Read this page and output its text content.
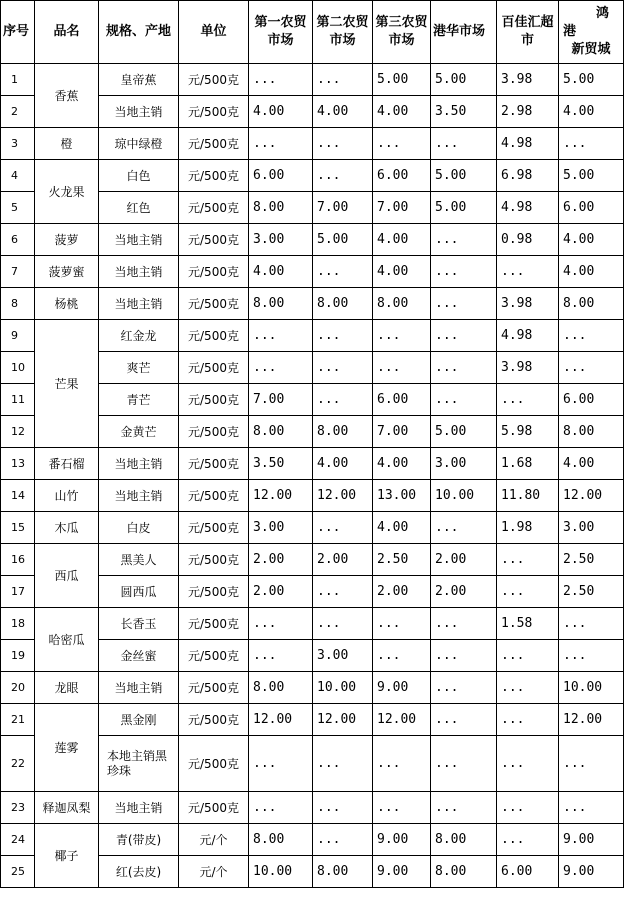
序号	品名	规格、产地	单位	第一农贸市场	第二农贸市场	第三农贸市场	港华市场	百佳汇超市	鸿
港
新贸城
1	香蕉	皇帝蕉	元/500克	...	...	5.00	5.00	3.98	5.00
2		当地主销	元/500克	4.00	4.00	4.00	3.50	2.98	4.00
3	橙	琼中绿橙	元/500克	...	...	...	...	4.98	...
4	火龙果	白色	元/500克	6.00	...	6.00	5.00	6.98	5.00
5		红色	元/500克	8.00	7.00	7.00	5.00	4.98	6.00
6	菠萝	当地主销	元/500克	3.00	5.00	4.00	...	0.98	4.00
7	菠萝蜜	当地主销	元/500克	4.00	...	4.00	...	...	4.00
8	杨桃	当地主销	元/500克	8.00	8.00	8.00	...	3.98	8.00
9	芒果	红金龙	元/500克	...	...	...	...	4.98	...
10		爽芒	元/500克	...	...	...	...	3.98	...
11		青芒	元/500克	7.00	...	6.00	...	...	6.00
12		金黄芒	元/500克	8.00	8.00	7.00	5.00	5.98	8.00
13	番石榴	当地主销	元/500克	3.50	4.00	4.00	3.00	1.68	4.00
14	山竹	当地主销	元/500克	12.00	12.00	13.00	10.00	11.80	12.00
15	木瓜	白皮	元/500克	3.00	...	4.00	...	1.98	3.00
16	西瓜	黑美人	元/500克	2.00	2.00	2.50	2.00	...	2.50
17		圆西瓜	元/500克	2.00	...	2.00	2.00	...	2.50
18	哈密瓜	长香玉	元/500克	...	...	...	...	1.58	...
19		金丝蜜	元/500克	...	3.00	...	...	...	...
20	龙眼	当地主销	元/500克	8.00	10.00	9.00	...	...	10.00
21	莲雾	黑金刚	元/500克	12.00	12.00	12.00	...	...	12.00
22		本地主销黑珍珠	元/500克	...	...	...	...	...	...
23	释迦凤梨	当地主销	元/500克	...	...	...	...	...	...
24	椰子	青(带皮)	元/个	8.00	...	9.00	8.00	...	9.00
25		红(去皮)	元/个	10.00	8.00	9.00	8.00	6.00	9.00
